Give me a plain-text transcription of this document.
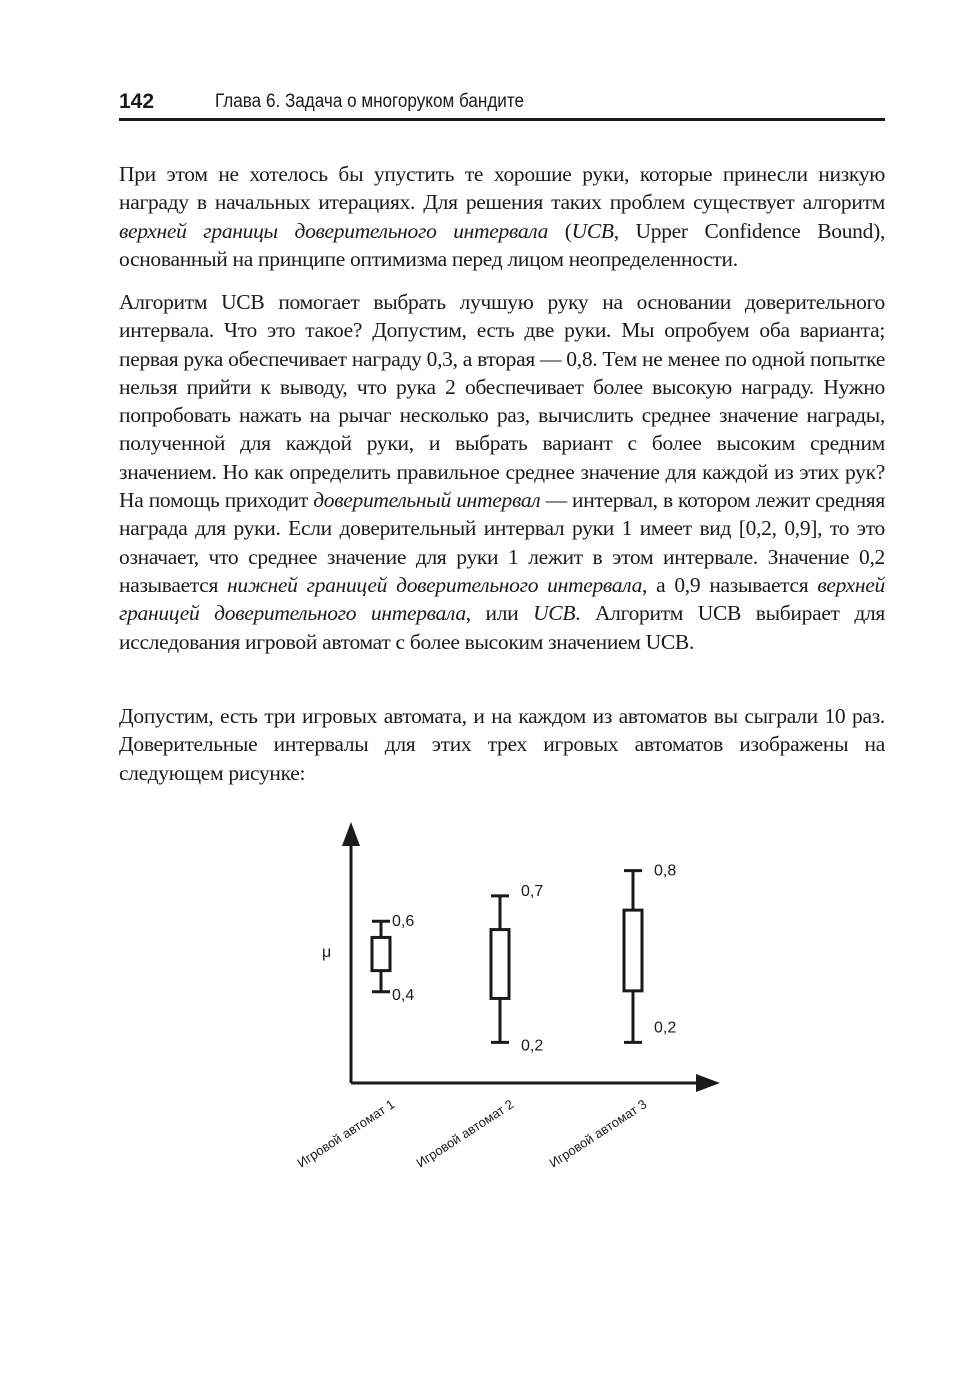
142	Глава 6. Задача о многоруком бандите
При этом не хотелось бы упустить те хорошие руки, которые принесли низкую награду в начальных итерациях. Для решения таких проблем существует алгоритм верхней границы доверительного интервала (UCB, Upper Confidence Bound), основанный на принципе оптимизма перед лицом неопределенности.
Алгоритм UCB помогает выбрать лучшую руку на основании доверительного интервала. Что это такое? Допустим, есть две руки. Мы опробуем оба варианта; первая рука обеспечивает награду 0,3, а вторая — 0,8. Тем не менее по одной попытке нельзя прийти к выводу, что рука 2 обеспечивает более высокую награду. Нужно попробовать нажать на рычаг несколько раз, вычислить среднее значение награды, полученной для каждой руки, и выбрать вариант с более высоким средним значением. Но как определить правильное среднее значение для каждой из этих рук? На помощь приходит доверительный интервал — интервал, в котором лежит средняя награда для руки. Если доверительный интервал руки 1 имеет вид [0,2, 0,9], то это означает, что среднее значение для руки 1 лежит в этом интервале. Значение 0,2 называется нижней границей доверительного интервала, а 0,9 называется верхней границей доверительного интервала, или UCB. Алгоритм UCB выбирает для исследования игровой автомат с более высоким значением UCB.
Допустим, есть три игровых автомата, и на каждом из автоматов вы сыграли 10 раз. Доверительные интервалы для этих трех игровых автоматов изображены на следующем рисунке:
μ
0,6
0,4
Игровой автомат 1
0,7
0,2
Игровой автомат 2
0,8
0,2
Игровой автомат 3
